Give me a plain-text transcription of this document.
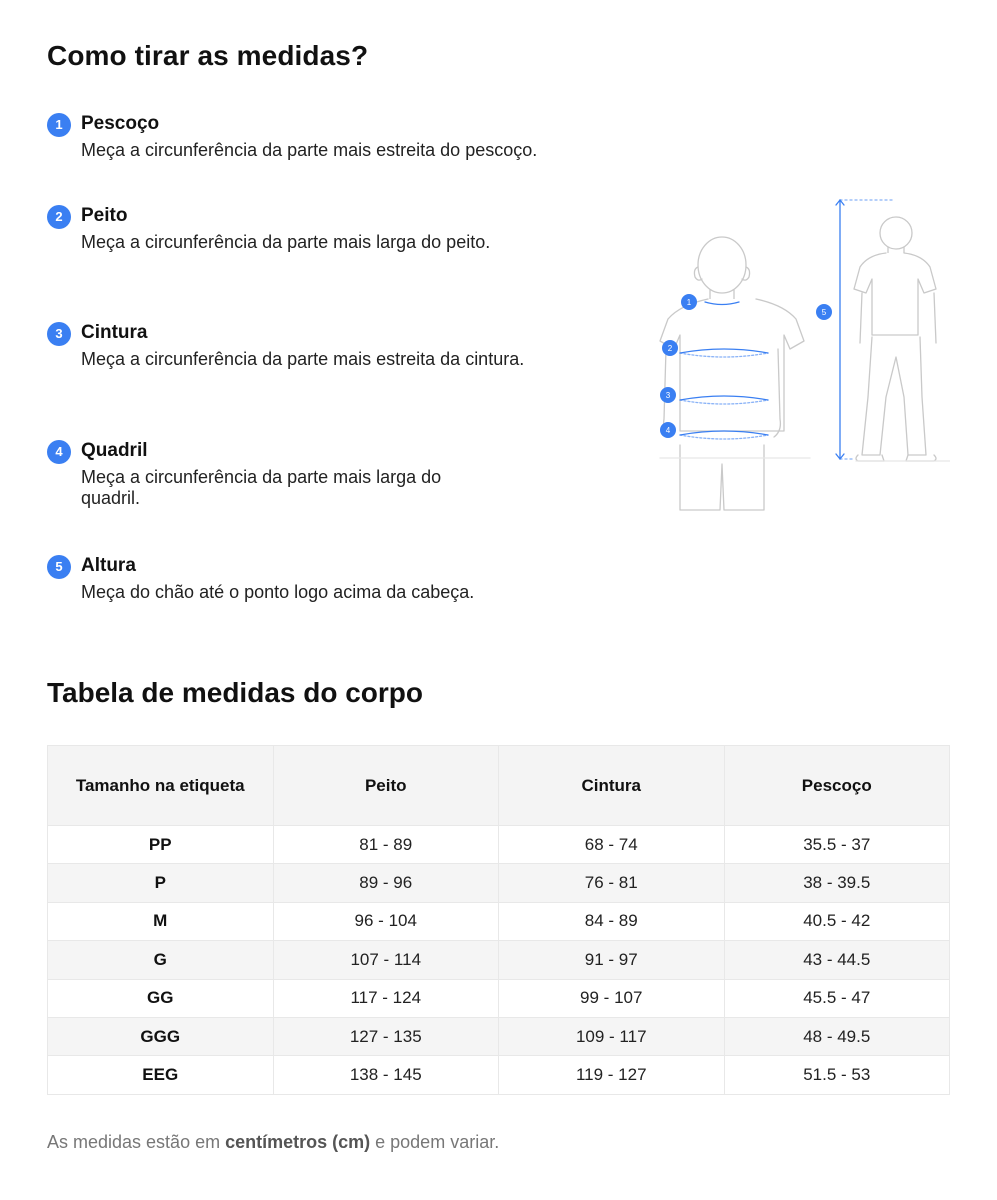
Como tirar as medidas?
1 Pescoço
Meça a circunferência da parte mais estreita do pescoço.
2 Peito
Meça a circunferência da parte mais larga do peito.
3 Cintura
Meça a circunferência da parte mais estreita da cintura.
4 Quadril
Meça a circunferência da parte mais larga do quadril.
5 Altura
Meça do chão até o ponto logo acima da cabeça.
1
2
3
4
5
Tabela de medidas do corpo
Tamanho na etiqueta	Peito	Cintura	Pescoço
PP	81 - 89	68 - 74	35.5 - 37
P	89 - 96	76 - 81	38 - 39.5
M	96 - 104	84 - 89	40.5 - 42
G	107 - 114	91 - 97	43 - 44.5
GG	117 - 124	99 - 107	45.5 - 47
GGG	127 - 135	109 - 117	48 - 49.5
EEG	138 - 145	119 - 127	51.5 - 53

As medidas estão em centímetros (cm) e podem variar.
